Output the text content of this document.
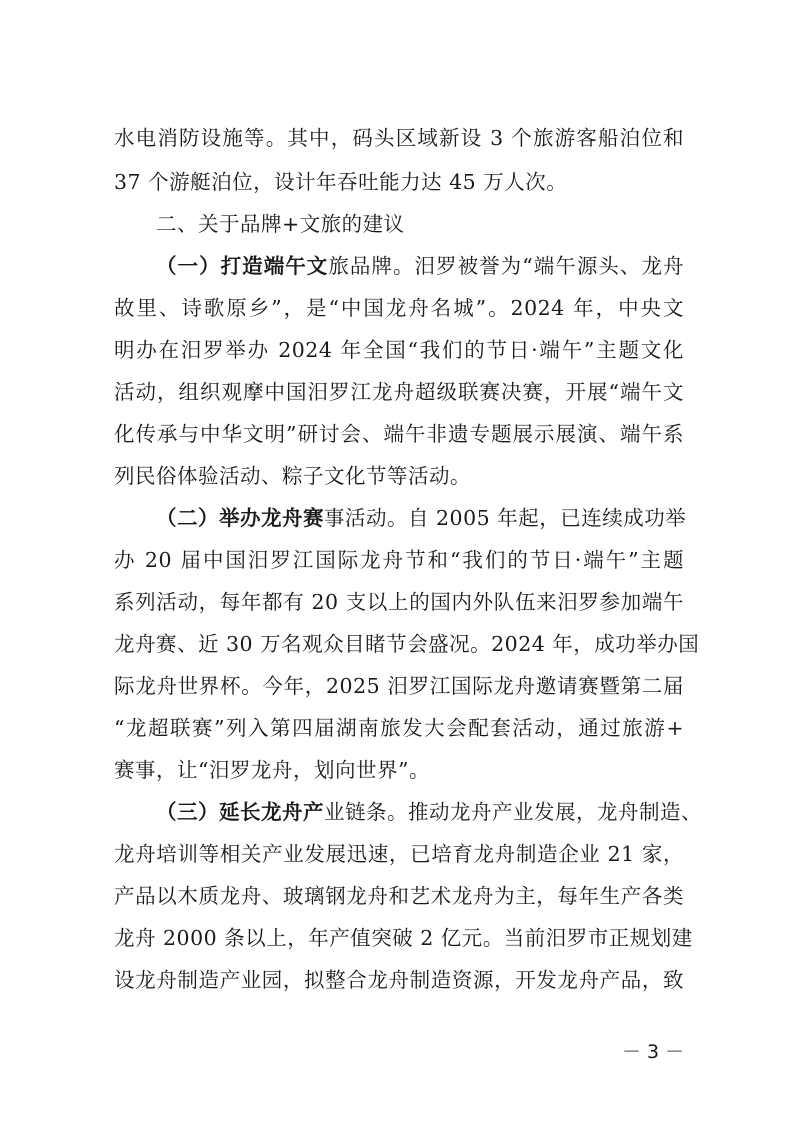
水电消防设施等。其中，码头区域新设 3 个旅游客船泊位和
37 个游艇泊位，设计年吞吐能力达 45 万人次。
二、关于品牌+文旅的建议
（一）打造端午文旅品牌。汨罗被誉为“端午源头、龙舟
故里、诗歌原乡”，是“中国龙舟名城”。2024 年，中央文
明办在汨罗举办 2024 年全国“我们的节日·端午”主题文化
活动，组织观摩中国汨罗江龙舟超级联赛决赛，开展“端午文
化传承与中华文明”研讨会、端午非遗专题展示展演、端午系
列民俗体验活动、粽子文化节等活动。
（二）举办龙舟赛事活动。自 2005 年起，已连续成功举
办 20 届中国汨罗江国际龙舟节和“我们的节日·端午”主题
系列活动，每年都有 20 支以上的国内外队伍来汨罗参加端午
龙舟赛、近 30 万名观众目睹节会盛况。2024 年，成功举办国
际龙舟世界杯。今年，2025 汨罗江国际龙舟邀请赛暨第二届
“龙超联赛”列入第四届湖南旅发大会配套活动，通过旅游+
赛事，让“汨罗龙舟，划向世界”。
（三）延长龙舟产业链条。推动龙舟产业发展，龙舟制造、
龙舟培训等相关产业发展迅速，已培育龙舟制造企业 21 家，
产品以木质龙舟、玻璃钢龙舟和艺术龙舟为主，每年生产各类
龙舟 2000 条以上，年产值突破 2 亿元。当前汨罗市正规划建
设龙舟制造产业园，拟整合龙舟制造资源，开发龙舟产品，致
－ 3 －
